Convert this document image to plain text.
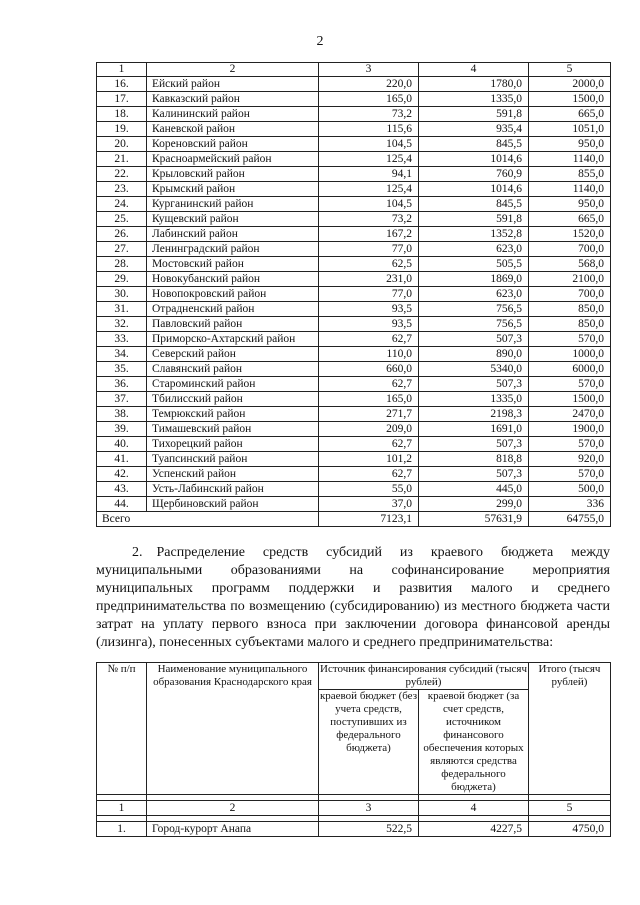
2
1	2	3	4	5
16.	Ейский район	220,0	1780,0	2000,0
17.	Кавказский район	165,0	1335,0	1500,0
18.	Калининский район	73,2	591,8	665,0
19.	Каневской район	115,6	935,4	1051,0
20.	Кореновский район	104,5	845,5	950,0
21.	Красноармейский район	125,4	1014,6	1140,0
22.	Крыловский район	94,1	760,9	855,0
23.	Крымский район	125,4	1014,6	1140,0
24.	Курганинский район	104,5	845,5	950,0
25.	Кущевский район	73,2	591,8	665,0
26.	Лабинский район	167,2	1352,8	1520,0
27.	Ленинградский район	77,0	623,0	700,0
28.	Мостовский район	62,5	505,5	568,0
29.	Новокубанский район	231,0	1869,0	2100,0
30.	Новопокровский район	77,0	623,0	700,0
31.	Отрадненский район	93,5	756,5	850,0
32.	Павловский район	93,5	756,5	850,0
33.	Приморско-Ахтарский район	62,7	507,3	570,0
34.	Северский район	110,0	890,0	1000,0
35.	Славянский район	660,0	5340,0	6000,0
36.	Староминский район	62,7	507,3	570,0
37.	Тбилисский район	165,0	1335,0	1500,0
38.	Темрюкский район	271,7	2198,3	2470,0
39.	Тимашевский район	209,0	1691,0	1900,0
40.	Тихорецкий район	62,7	507,3	570,0
41.	Туапсинский район	101,2	818,8	920,0
42.	Успенский район	62,7	507,3	570,0
43.	Усть-Лабинский район	55,0	445,0	500,0
44.	Щербиновский район	37,0	299,0	336
Всего		7123,1	57631,9	64755,0
2. Распределение средств субсидий из краевого бюджета между муниципальными образованиями на софинансирование мероприятия муниципальных программ поддержки и развития малого и среднего предпринимательства по возмещению (субсидированию) из местного бюджета части затрат на уплату первого взноса при заключении договора финансовой аренды (лизинга), понесенных субъектами малого и среднего предпринимательства:
№ п/п	Наименование муниципального образования Краснодарского края	Источник финансирования субсидий (тысяч рублей)		Итого (тысяч рублей)
		краевой бюджет (без учета средств, поступивших из федерального бюджета)	краевой бюджет (за счет средств, источником финансового обеспечения которых являются средства федерального бюджета)	

1	2	3	4	5

1.	Город-курорт Анапа	522,5	4227,5	4750,0
